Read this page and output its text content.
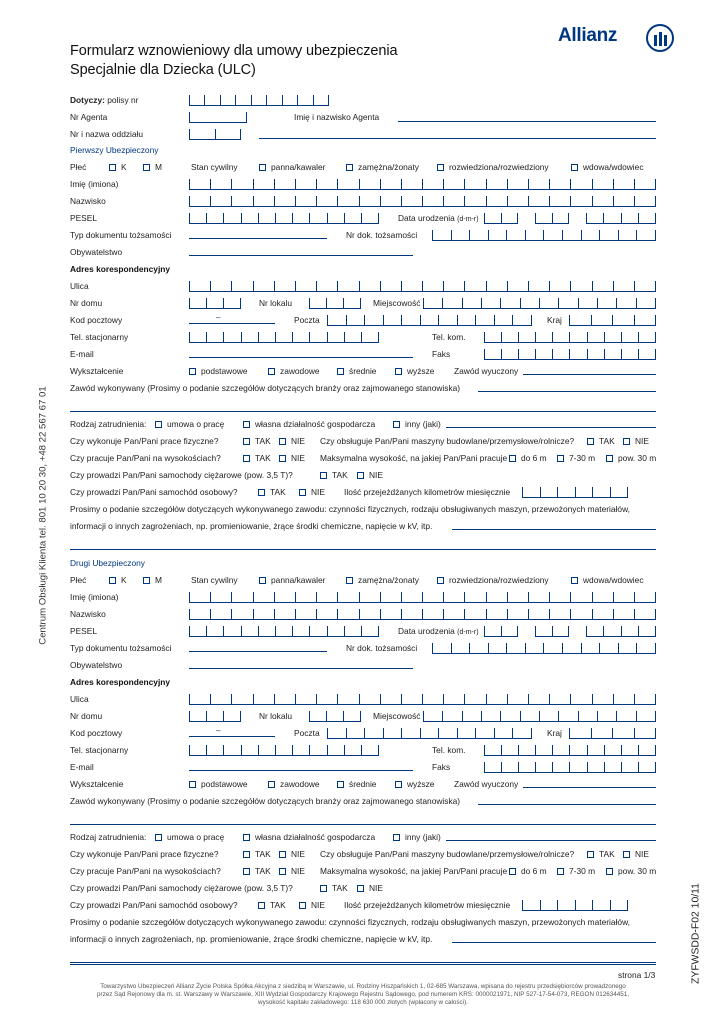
Formularz wznowieniowy dla umowy ubezpieczenia
Specjalnie dla Dziecka (ULC)
Allianz
Centrum Obsługi Klienta tel. 801 10 20 30, +48 22 567 67 01
ZYFWSDD-F02 10/11
Dotyczy: polisy nr
Nr Agenta	Imię i nazwisko Agenta
Nr i nazwa oddziału
Pierwszy Ubezpieczony
Płeć	K	M	Stan cywilny	panna/kawaler	zamężna/żonaty	rozwiedziona/rozwiedziony	wdowa/wdowiec
Imię (imiona)
Nazwisko
PESEL	Data urodzenia (d-m-r)
Typ dokumentu tożsamości	Nr dok. tożsamości
Obywatelstwo
Adres korespondencyjny
Ulica
Nr domu	Nr lokalu	Miejscowość
Kod pocztowy	–	Poczta	Kraj
Tel. stacjonarny	Tel. kom.
E-mail	Faks
Wykształcenie	podstawowe	zawodowe	średnie	wyższe Zawód wyuczony
Zawód wykonywany (Prosimy o podanie szczegółów dotyczących branży oraz zajmowanego stanowiska)
Rodzaj zatrudnienia:	umowa o pracę	własna działalność gospodarcza	inny (jaki)
Czy wykonuje Pan/Pani prace fizyczne?	TAK	NIE Czy obsługuje Pan/Pani maszyny budowlane/przemysłowe/rolnicze?	TAK	NIE
Czy pracuje Pan/Pani na wysokościach?	TAK	NIE Maksymalna wysokość, na jakiej Pan/Pani pracuje	do 6 m	7-30 m	pow. 30 m
Czy prowadzi Pan/Pani samochody ciężarowe (pow. 3,5 T)?	TAK	NIE
Czy prowadzi Pan/Pani samochód osobowy?	TAK	NIE Ilość przejeżdżanych kilometrów miesięcznie
Prosimy o podanie szczegółów dotyczących wykonywanego zawodu: czynności fizycznych, rodzaju obsługiwanych maszyn, przewożonych materiałów,
informacji o innych zagrożeniach, np. promieniowanie, żrące środki chemiczne, napięcie w kV, itp.
Drugi Ubezpieczony
Płeć	K	M	Stan cywilny	panna/kawaler	zamężna/żonaty	rozwiedziona/rozwiedziony	wdowa/wdowiec
Imię (imiona)
Nazwisko
PESEL	Data urodzenia (d-m-r)
Typ dokumentu tożsamości	Nr dok. tożsamości
Obywatelstwo
Adres korespondencyjny
Ulica
Nr domu	Nr lokalu	Miejscowość
Kod pocztowy	–	Poczta	Kraj
Tel. stacjonarny	Tel. kom.
E-mail	Faks
Wykształcenie	podstawowe	zawodowe	średnie	wyższe Zawód wyuczony
Zawód wykonywany (Prosimy o podanie szczegółów dotyczących branży oraz zajmowanego stanowiska)
Rodzaj zatrudnienia:	umowa o pracę	własna działalność gospodarcza	inny (jaki)
Czy wykonuje Pan/Pani prace fizyczne?	TAK	NIE Czy obsługuje Pan/Pani maszyny budowlane/przemysłowe/rolnicze?	TAK	NIE
Czy pracuje Pan/Pani na wysokościach?	TAK	NIE Maksymalna wysokość, na jakiej Pan/Pani pracuje	do 6 m	7-30 m	pow. 30 m
Czy prowadzi Pan/Pani samochody ciężarowe (pow. 3,5 T)?	TAK	NIE
Czy prowadzi Pan/Pani samochód osobowy?	TAK	NIE Ilość przejeżdżanych kilometrów miesięcznie
Prosimy o podanie szczegółów dotyczących wykonywanego zawodu: czynności fizycznych, rodzaju obsługiwanych maszyn, przewożonych materiałów,
informacji o innych zagrożeniach, np. promieniowanie, żrące środki chemiczne, napięcie w kV, itp.
strona 1/3
Towarzystwo Ubezpieczeń Allianz Życie Polska Spółka Akcyjna z siedzibą w Warszawie, ul. Rodziny Hiszpańskich 1, 02-685 Warszawa, wpisana do rejestru przedsiębiorców prowadzonego
przez Sąd Rejonowy dla m. st. Warszawy w Warszawie, XIII Wydział Gospodarczy Krajowego Rejestru Sądowego, pod numerem KRS: 0000021971, NIP 527-17-54-073, REGON 012634451,
wysokość kapitału zakładowego: 118 630 000 złotych (wpłacony w całości).
